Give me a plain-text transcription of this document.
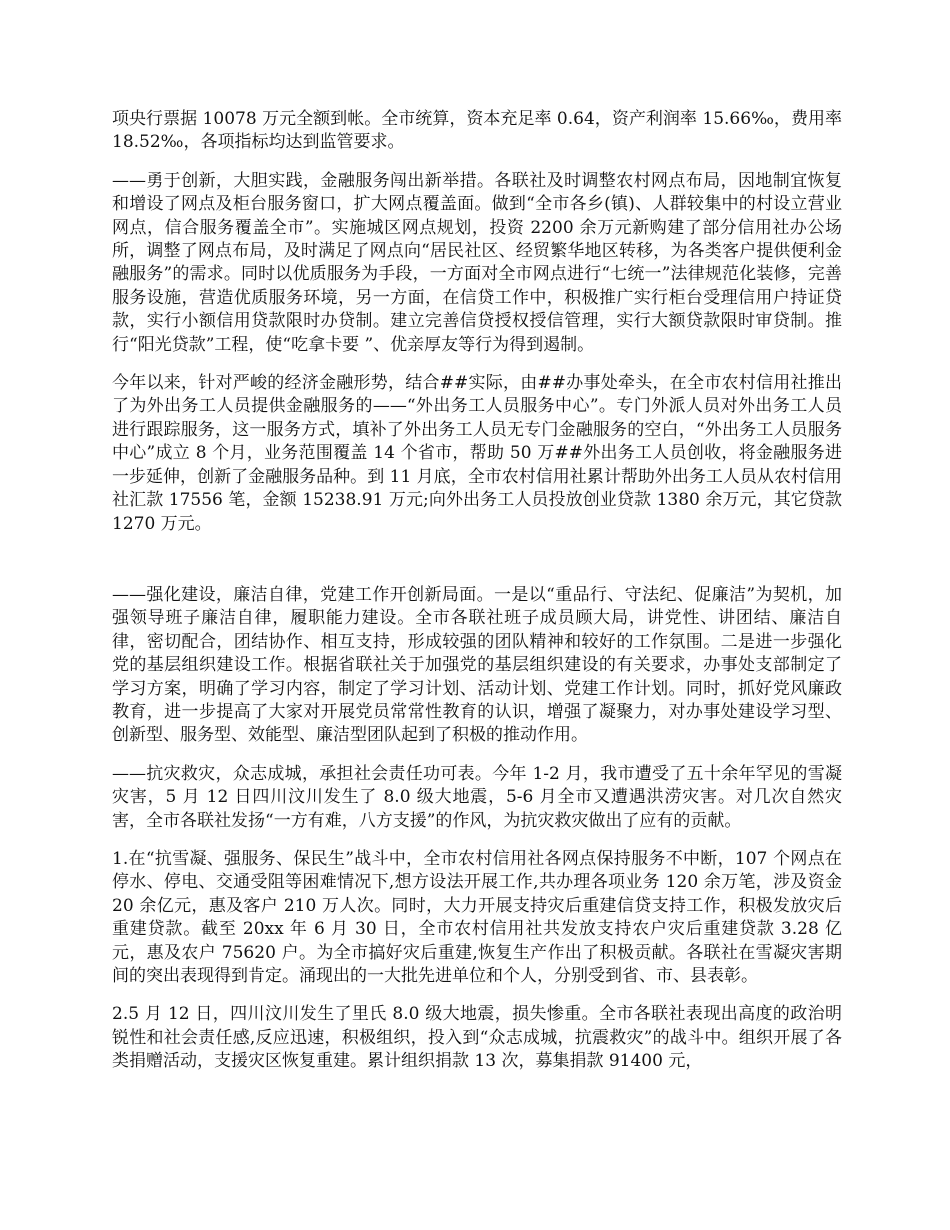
项央行票据 10078 万元全额到帐。全市统算，资本充足率 0.64，资产利润率 15.66‰，费用率 18.52‰，各项指标均达到监管要求。

——勇于创新，大胆实践，金融服务闯出新举措。各联社及时调整农村网点布局，因地制宜恢复和增设了网点及柜台服务窗口，扩大网点覆盖面。做到“全市各乡(镇)、人群较集中的村设立营业网点，信合服务覆盖全市”。实施城区网点规划，投资 2200 余万元新购建了部分信用社办公场所，调整了网点布局，及时满足了网点向“居民社区、经贸繁华地区转移，为各类客户提供便利金融服务”的需求。同时以优质服务为手段，一方面对全市网点进行“七统一”法律规范化装修，完善服务设施，营造优质服务环境，另一方面，在信贷工作中，积极推广实行柜台受理信用户持证贷款，实行小额信用贷款限时办贷制。建立完善信贷授权授信管理，实行大额贷款限时审贷制。推行“阳光贷款”工程，使“吃拿卡要 ”、优亲厚友等行为得到遏制。

今年以来，针对严峻的经济金融形势，结合##实际，由##办事处牵头，在全市农村信用社推出了为外出务工人员提供金融服务的——“外出务工人员服务中心”。专门外派人员对外出务工人员进行跟踪服务，这一服务方式，填补了外出务工人员无专门金融服务的空白，“外出务工人员服务中心”成立 8 个月，业务范围覆盖 14 个省市，帮助 50 万##外出务工人员创收，将金融服务进一步延伸，创新了金融服务品种。到 11 月底，全市农村信用社累计帮助外出务工人员从农村信用社汇款 17556 笔，金额 15238.91 万元;向外出务工人员投放创业贷款 1380 余万元，其它贷款 1270 万元。

——强化建设，廉洁自律，党建工作开创新局面。一是以“重品行、守法纪、促廉洁”为契机，加强领导班子廉洁自律，履职能力建设。全市各联社班子成员顾大局，讲党性、讲团结、廉洁自律，密切配合，团结协作、相互支持，形成较强的团队精神和较好的工作氛围。二是进一步强化党的基层组织建设工作。根据省联社关于加强党的基层组织建设的有关要求，办事处支部制定了学习方案，明确了学习内容，制定了学习计划、活动计划、党建工作计划。同时，抓好党风廉政教育，进一步提高了大家对开展党员常常性教育的认识，增强了凝聚力，对办事处建设学习型、创新型、服务型、效能型、廉洁型团队起到了积极的推动作用。

——抗灾救灾，众志成城，承担社会责任功可表。今年 1-2 月，我市遭受了五十余年罕见的雪凝灾害，5 月 12 日四川汶川发生了 8.0 级大地震，5-6 月全市又遭遇洪涝灾害。对几次自然灾害，全市各联社发扬“一方有难，八方支援”的作风，为抗灾救灾做出了应有的贡献。

1.在“抗雪凝、强服务、保民生”战斗中，全市农村信用社各网点保持服务不中断，107 个网点在停水、停电、交通受阻等困难情况下,想方设法开展工作,共办理各项业务 120 余万笔，涉及资金 20 余亿元，惠及客户 210 万人次。同时，大力开展支持灾后重建信贷支持工作，积极发放灾后重建贷款。截至 20xx 年 6 月 30 日，全市农村信用社共发放支持农户灾后重建贷款 3.28 亿元，惠及农户 75620 户。为全市搞好灾后重建,恢复生产作出了积极贡献。各联社在雪凝灾害期间的突出表现得到肯定。涌现出的一大批先进单位和个人，分别受到省、市、县表彰。

2.5 月 12 日，四川汶川发生了里氏 8.0 级大地震，损失惨重。全市各联社表现出高度的政治明锐性和社会责任感,反应迅速，积极组织，投入到“众志成城，抗震救灾”的战斗中。组织开展了各类捐赠活动，支援灾区恢复重建。累计组织捐款 13 次，募集捐款 91400 元，
